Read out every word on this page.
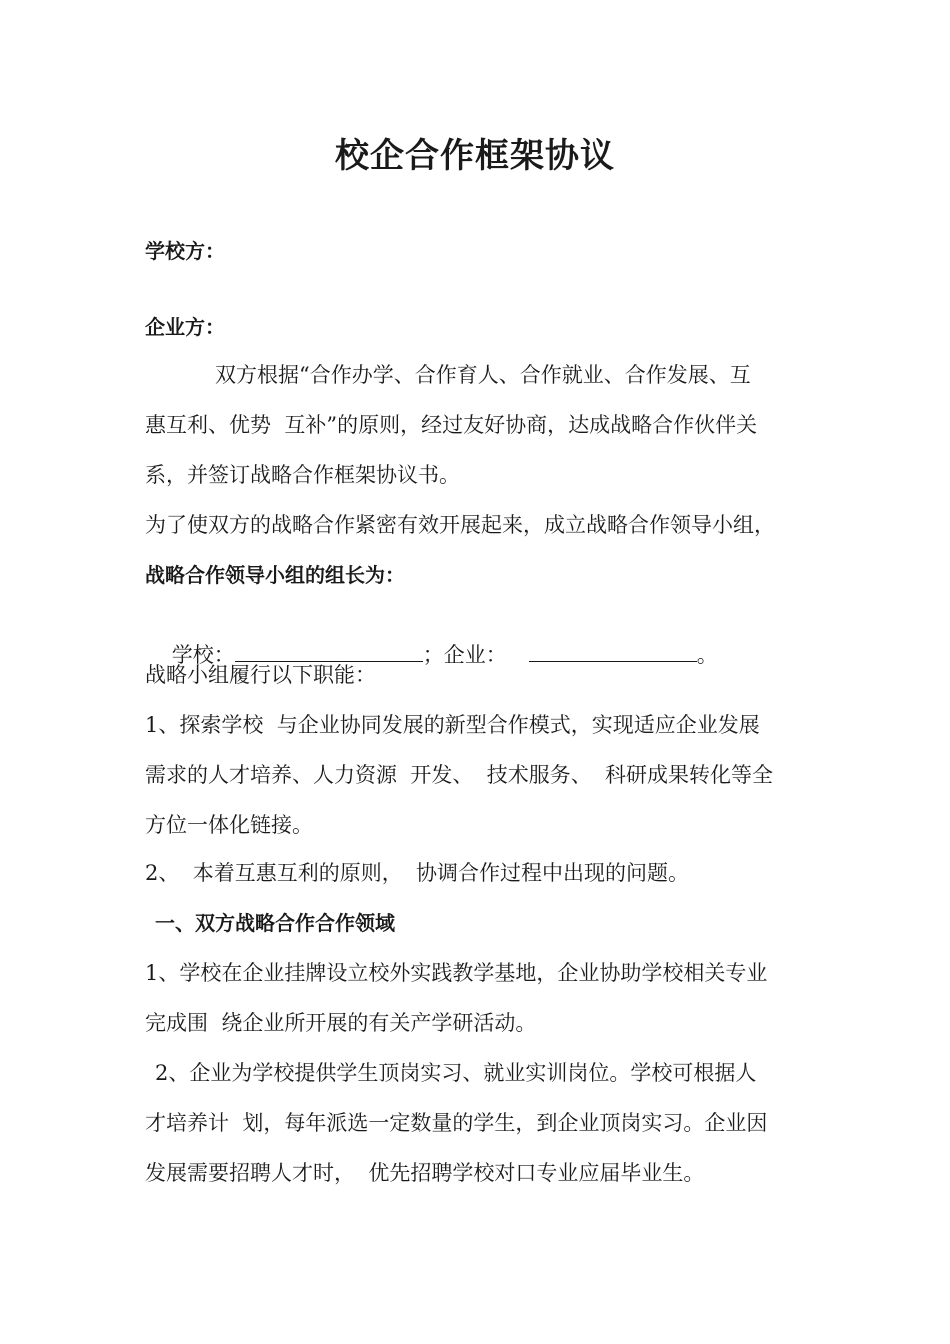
校企合作框架协议

学校方：

企业方：

双方根据“合作办学、合作育人、合作就业、合作发展、互

惠互利、优势  互补”的原则，经过友好协商，达成战略合作伙伴关

系，并签订战略合作框架协议书。

为了使双方的战略合作紧密有效开展起来，成立战略合作领导小组，

战略合作领导小组的组长为：

学校：	；企业：	。

战略小组履行以下职能：

1、探索学校  与企业协同发展的新型合作模式，实现适应企业发展

需求的人才培养、人力资源  开发、  技术服务、  科研成果转化等全

方位一体化链接。

2、  本着互惠互利的原则，  协调合作过程中出现的问题。

一、双方战略合作合作领域

1、学校在企业挂牌设立校外实践教学基地，企业协助学校相关专业

完成围  绕企业所开展的有关产学研活动。

2、企业为学校提供学生顶岗实习、就业实训岗位。学校可根据人

才培养计  划，每年派选一定数量的学生，到企业顶岗实习。企业因

发展需要招聘人才时，  优先招聘学校对口专业应届毕业生。
